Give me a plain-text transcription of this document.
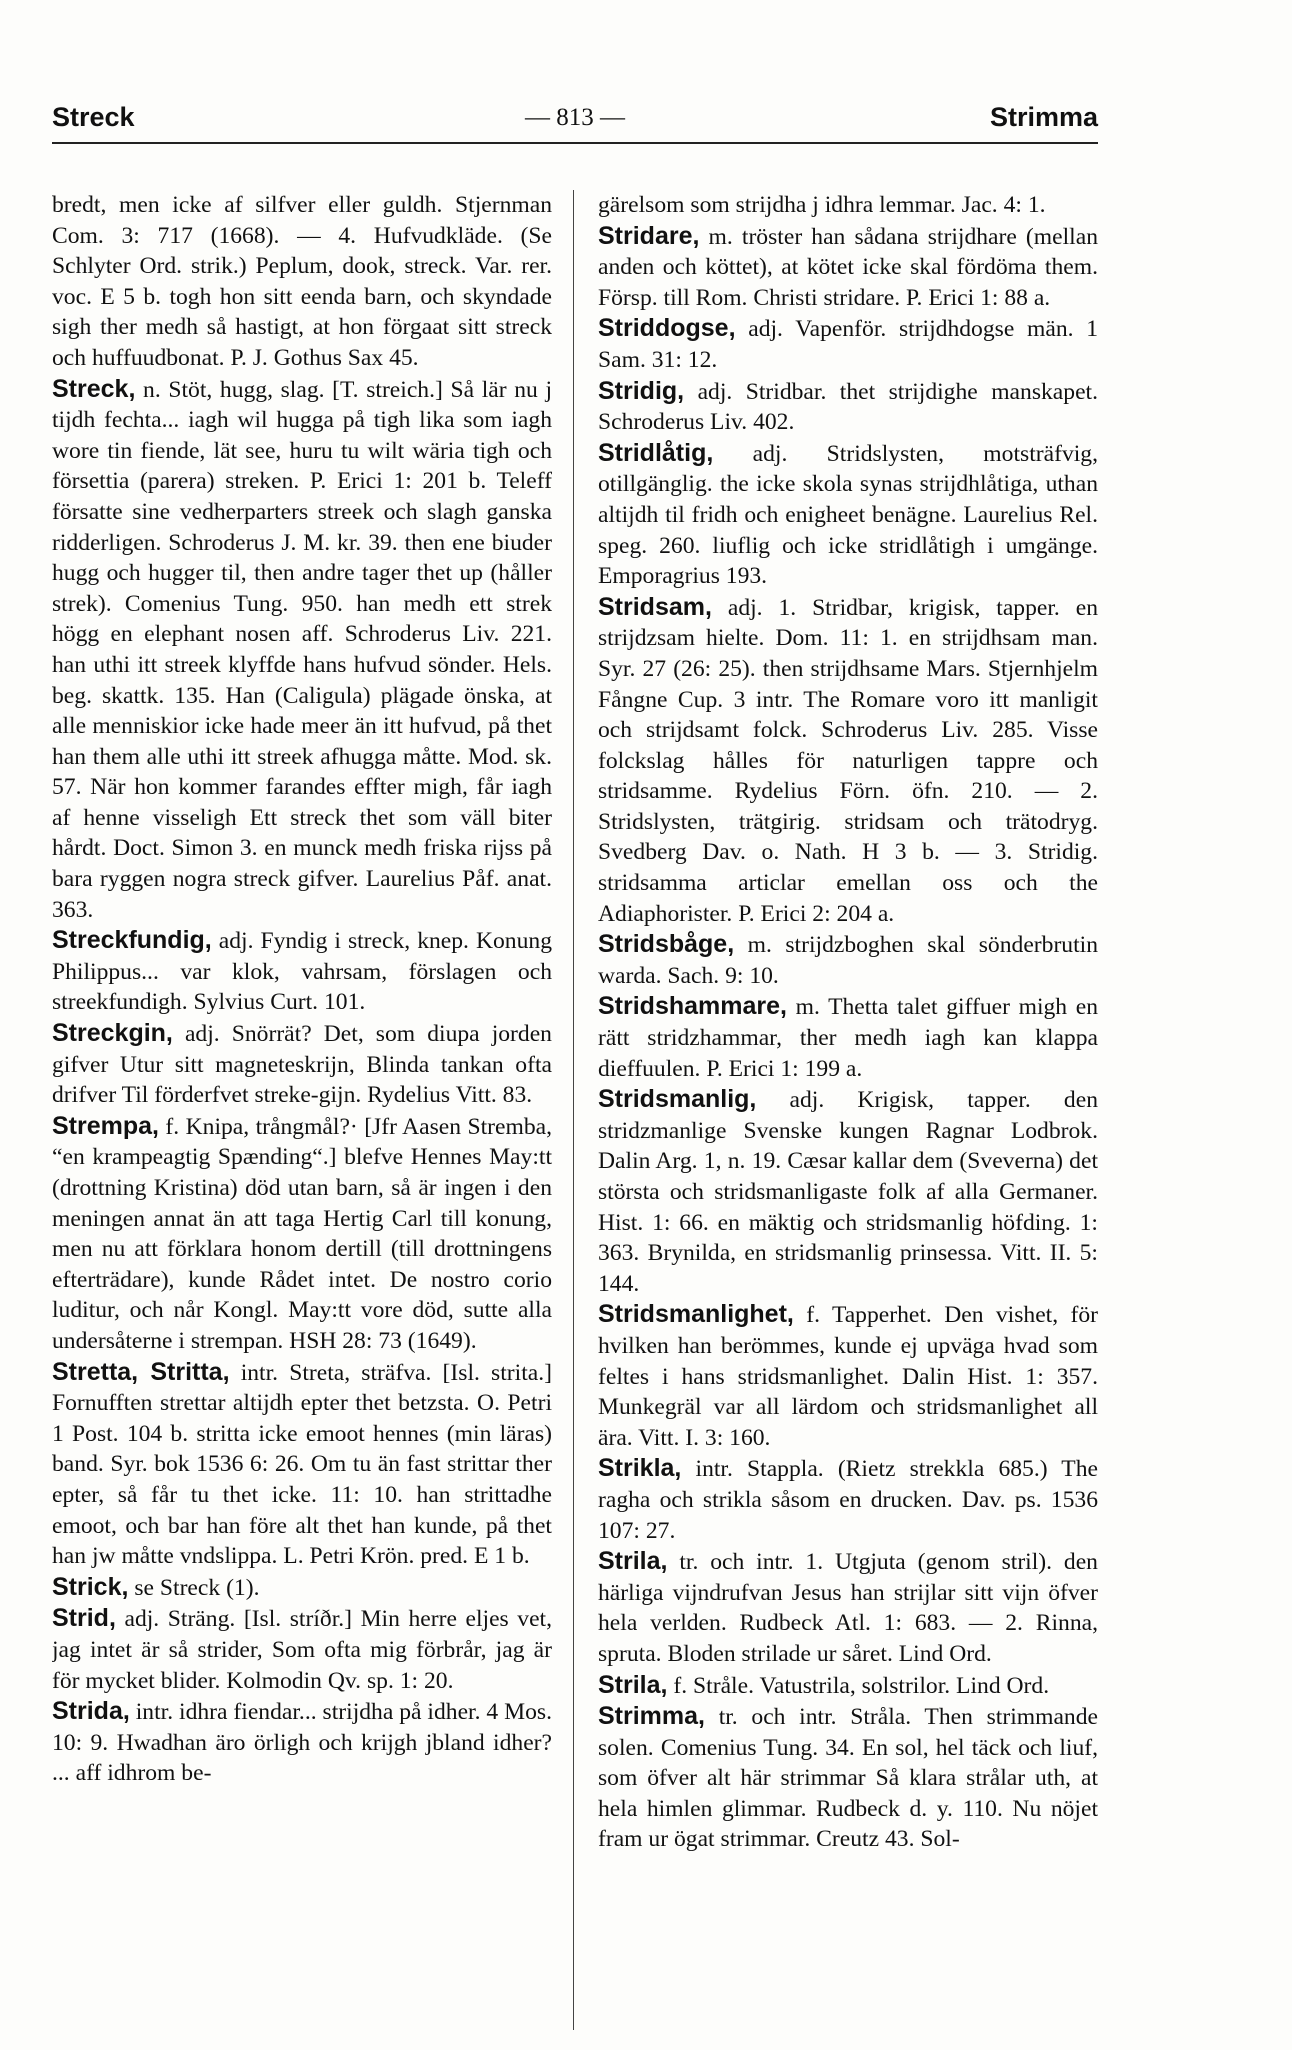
Streck	— 813 —	Strimma
bredt, men icke af silfver eller guldh. Stjernman Com. 3: 717 (1668). — 4. Hufvudkläde. (Se Schlyter Ord. strik.) Peplum, dook, streck. Var. rer. voc. E 5 b. togh hon sitt eenda barn, och skyndade sigh ther medh så hastigt, at hon förgaat sitt streck och huffuudbonat. P. J. Gothus Sax 45.
Streck, n. Stöt, hugg, slag. [T. streich.] Så lär nu j tijdh fechta... iagh wil hugga på tigh lika som iagh wore tin fiende, lät see, huru tu wilt wäria tigh och försettia (parera) streken. P. Erici 1: 201 b. Teleff försatte sine vedherparters streek och slagh ganska ridderligen. Schroderus J. M. kr. 39. then ene biuder hugg och hugger til, then andre tager thet up (håller strek). Comenius Tung. 950. han medh ett strek högg en elephant nosen aff. Schroderus Liv. 221. han uthi itt streek klyffde hans hufvud sönder. Hels. beg. skattk. 135. Han (Caligula) plägade önska, at alle menniskior icke hade meer än itt hufvud, på thet han them alle uthi itt streek afhugga måtte. Mod. sk. 57. När hon kommer farandes effter migh, får iagh af henne visseligh Ett streck thet som väll biter hårdt. Doct. Simon 3. en munck medh friska rijss på bara ryggen nogra streck gifver. Laurelius Påf. anat. 363.
Streckfundig, adj. Fyndig i streck, knep. Konung Philippus... var klok, vahrsam, förslagen och streekfundigh. Sylvius Curt. 101.
Streckgin, adj. Snörrät? Det, som diupa jorden gifver Utur sitt magneteskrijn, Blinda tankan ofta drifver Til förderfvet streke-gijn. Rydelius Vitt. 83.
Strempa, f. Knipa, trångmål?· [Jfr Aasen Stremba, “en krampeagtig Spænding“.] blefve Hennes May:tt (drottning Kristina) död utan barn, så är ingen i den meningen annat än att taga Hertig Carl till konung, men nu att förklara honom dertill (till drottningens efterträdare), kunde Rådet intet. De nostro corio luditur, och når Kongl. May:tt vore död, sutte alla undersåterne i strempan. HSH 28: 73 (1649).
Stretta, Stritta, intr. Streta, sträfva. [Isl. strita.] Fornufften strettar altijdh epter thet betzsta. O. Petri 1 Post. 104 b. stritta icke emoot hennes (min läras) band. Syr. bok 1536 6: 26. Om tu än fast strittar ther epter, så får tu thet icke. 11: 10. han strittadhe emoot, och bar han före alt thet han kunde, på thet han jw måtte vndslippa. L. Petri Krön. pred. E 1 b.
Strick, se Streck (1).
Strid, adj. Sträng. [Isl. stríðr.] Min herre eljes vet, jag intet är så strider, Som ofta mig förbrår, jag är för mycket blider. Kolmodin Qv. sp. 1: 20.
Strida, intr. idhra fiendar... strijdha på idher. 4 Mos. 10: 9. Hwadhan äro örligh och krijgh jbland idher? ... aff idhrom be-
gärelsom som strijdha j idhra lemmar. Jac. 4: 1.
Stridare, m. tröster han sådana strijdhare (mellan anden och köttet), at kötet icke skal fördöma them. Försp. till Rom. Christi stridare. P. Erici 1: 88 a.
Striddogse, adj. Vapenför. strijdhdogse män. 1 Sam. 31: 12.
Stridig, adj. Stridbar. thet strijdighe manskapet. Schroderus Liv. 402.
Stridlåtig, adj. Stridslysten, motsträfvig, otillgänglig. the icke skola synas strijdhlåtiga, uthan altijdh til fridh och enigheet benägne. Laurelius Rel. speg. 260. liuflig och icke stridlåtigh i umgänge. Emporagrius 193.
Stridsam, adj. 1. Stridbar, krigisk, tapper. en strijdzsam hielte. Dom. 11: 1. en strijdhsam man. Syr. 27 (26: 25). then strijdhsame Mars. Stjernhjelm Fångne Cup. 3 intr. The Romare voro itt manligit och strijdsamt folck. Schroderus Liv. 285. Visse folckslag hålles för naturligen tappre och stridsamme. Rydelius Förn. öfn. 210. — 2. Stridslysten, trätgirig. stridsam och trätodryg. Svedberg Dav. o. Nath. H 3 b. — 3. Stridig. stridsamma articlar emellan oss och the Adiaphorister. P. Erici 2: 204 a.
Stridsbåge, m. strijdzboghen skal sönderbrutin warda. Sach. 9: 10.
Stridshammare, m. Thetta talet giffuer migh en rätt stridzhammar, ther medh iagh kan klappa dieffuulen. P. Erici 1: 199 a.
Stridsmanlig, adj. Krigisk, tapper. den stridzmanlige Svenske kungen Ragnar Lodbrok. Dalin Arg. 1, n. 19. Cæsar kallar dem (Sveverna) det största och stridsmanligaste folk af alla Germaner. Hist. 1: 66. en mäktig och stridsmanlig höfding. 1: 363. Brynilda, en stridsmanlig prinsessa. Vitt. II. 5: 144.
Stridsmanlighet, f. Tapperhet. Den vishet, för hvilken han berömmes, kunde ej upväga hvad som feltes i hans stridsmanlighet. Dalin Hist. 1: 357. Munkegräl var all lärdom och stridsmanlighet all ära. Vitt. I. 3: 160.
Strikla, intr. Stappla. (Rietz strekkla 685.) The ragha och strikla såsom en drucken. Dav. ps. 1536 107: 27.
Strila, tr. och intr. 1. Utgjuta (genom stril). den härliga vijndrufvan Jesus han strijlar sitt vijn öfver hela verlden. Rudbeck Atl. 1: 683. — 2. Rinna, spruta. Bloden strilade ur såret. Lind Ord.
Strila, f. Stråle. Vatustrila, solstrilor. Lind Ord.
Strimma, tr. och intr. Stråla. Then strimmande solen. Comenius Tung. 34. En sol, hel täck och liuf, som öfver alt här strimmar Så klara strålar uth, at hela himlen glimmar. Rudbeck d. y. 110. Nu nöjet fram ur ögat strimmar. Creutz 43. Sol-
